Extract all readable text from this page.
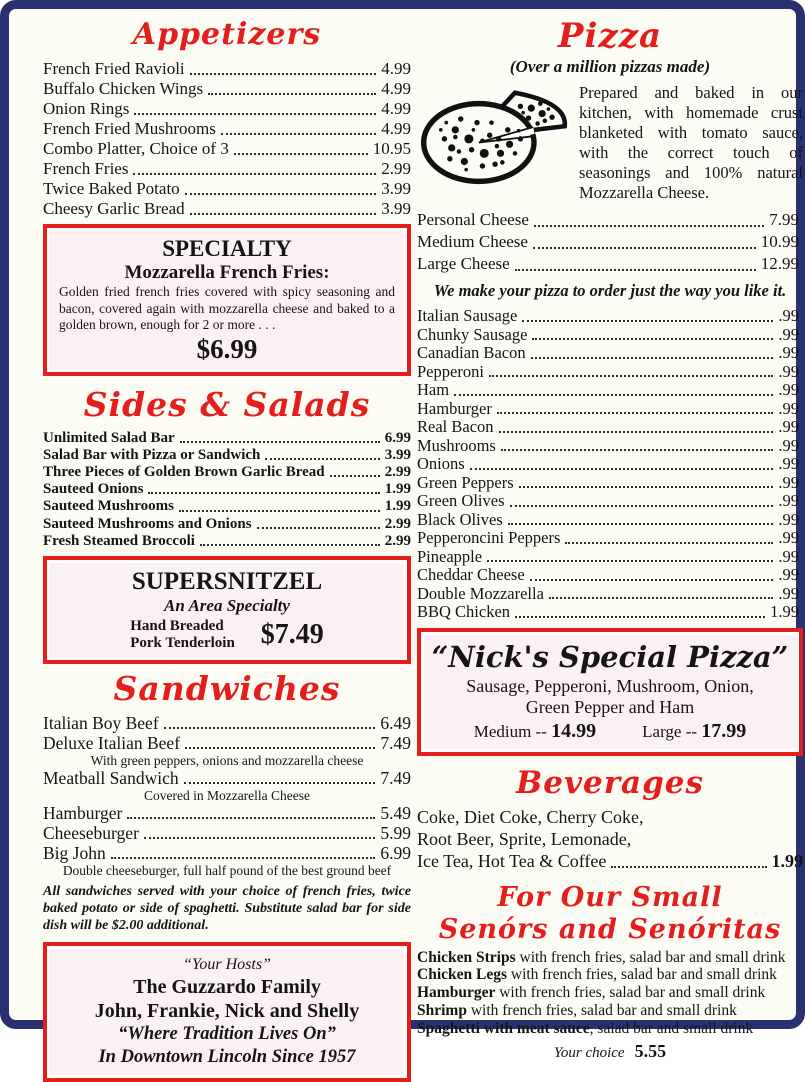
Appetizers
French Fried Ravioli	4.99
Buffalo Chicken Wings	4.99
Onion Rings	4.99
French Fried Mushrooms	4.99
Combo Platter, Choice of 3	10.95
French Fries	2.99
Twice Baked Potato	3.99
Cheesy Garlic Bread	3.99
SPECIALTY
Mozzarella French Fries:

Golden fried french fries covered with spicy seasoning and bacon, covered again with mozzarella cheese and baked to a golden brown, enough for 2 or more . . .

$6.99
Sides & Salads
Unlimited Salad Bar	6.99
Salad Bar with Pizza or Sandwich	3.99
Three Pieces of Golden Brown Garlic Bread	2.99
Sauteed Onions	1.99
Sauteed Mushrooms	1.99
Sauteed Mushrooms and Onions	2.99
Fresh Steamed Broccoli	2.99
SUPERSNITZEL
An Area Specialty
Hand Breaded
Pork Tenderloin $7.49
Sandwiches
Italian Boy Beef	6.49
Deluxe Italian Beef	7.49
With green peppers, onions and mozzarella cheese
Meatball Sandwich	7.49
Covered in Mozzarella Cheese
Hamburger	5.49
Cheeseburger	5.99
Big John	6.99
Double cheeseburger, full half pound of the best ground beef

All sandwiches served with your choice of french fries, twice baked potato or side of spaghetti. Substitute salad bar for side dish will be $2.00 additional.

“Your Hosts”
The Guzzardo Family
John, Frankie, Nick and Shelly
“Where Tradition Lives On”
In Downtown Lincoln Since 1957
Pizza
(Over a million pizzas made)

Prepared and baked in our kitchen, with homemade crust blanketed with tomato sauce, with the correct touch of seasonings and 100% natural Mozzarella Cheese.

Personal Cheese	7.99
Medium Cheese	10.99
Large Cheese	12.99
We make your pizza to order just the way you like it.
Italian Sausage	.99
Chunky Sausage	.99
Canadian Bacon	.99
Pepperoni	.99
Ham	.99
Hamburger	.99
Real Bacon	.99
Mushrooms	.99
Onions	.99
Green Peppers	.99
Green Olives	.99
Black Olives	.99
Pepperoncini Peppers	.99
Pineapple	.99
Cheddar Cheese	.99
Double Mozzarella	.99
BBQ Chicken	1.99
“Nick's Special Pizza”
Sausage, Pepperoni, Mushroom, Onion,
Green Pepper and Ham
Medium -- 14.99	Large -- 17.99
Beverages
Coke, Diet Coke, Cherry Coke,
Root Beer, Sprite, Lemonade,
Ice Tea, Hot Tea & Coffee	1.99
For Our Small
Senórs and Senóritas
Chicken Strips with french fries, salad bar and small drink
Chicken Legs with french fries, salad bar and small drink
Hamburger with french fries, salad bar and small drink
Shrimp with french fries, salad bar and small drink
Spaghetti with meat sauce, salad bar and small drink
Your choice 5.55
